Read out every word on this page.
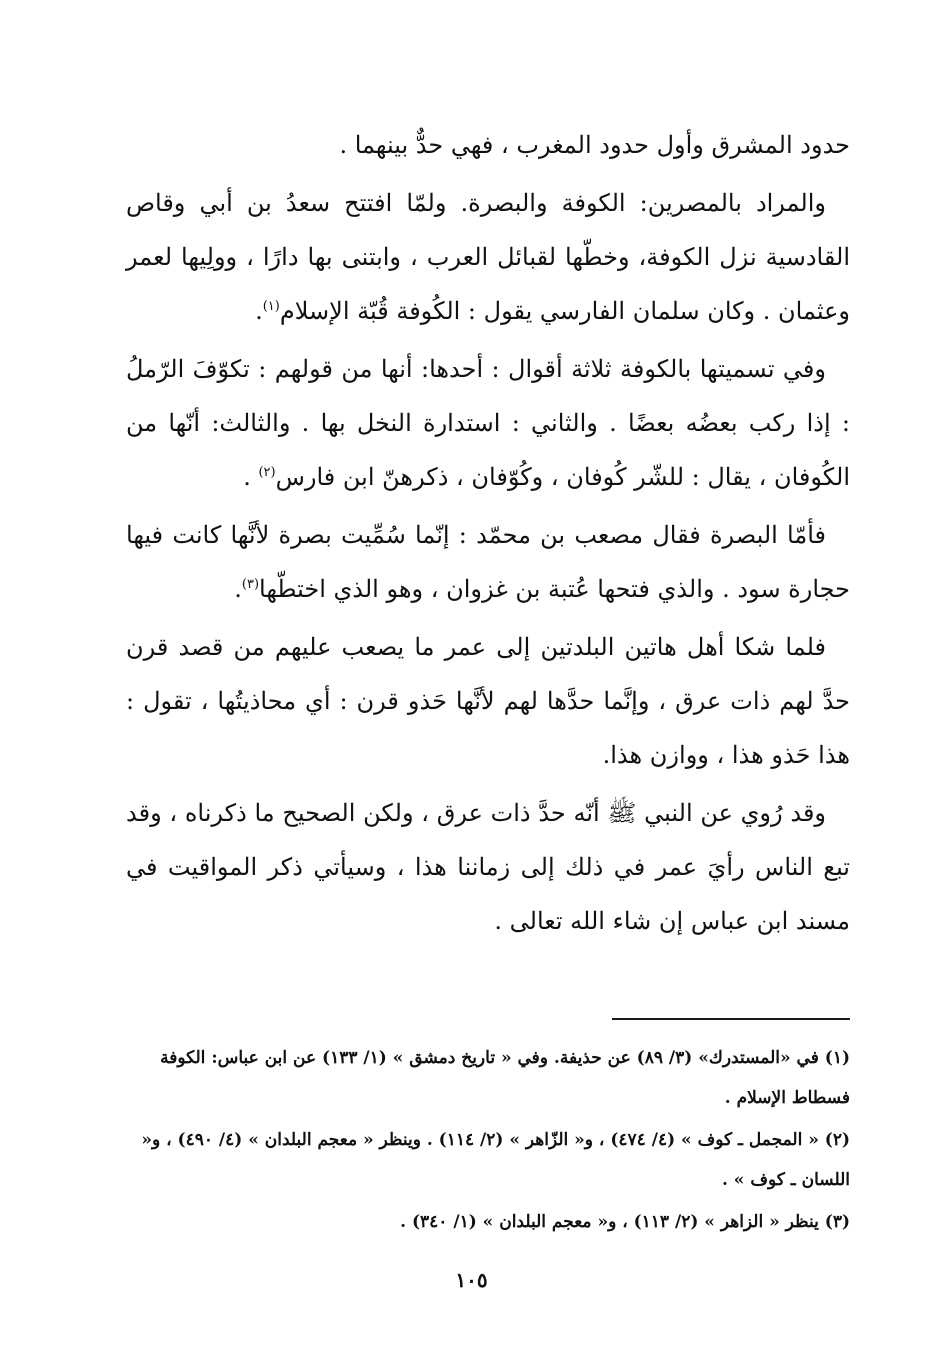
حدود المشرق وأول حدود المغرب ، فهي حدٌّ بينهما .

والمراد بالمصرين: الكوفة والبصرة. ولمّا افتتح سعدُ بن أبي وقاص القادسية نزل الكوفة، وخطّها لقبائل العرب ، وابتنى بها دارًا ، وولِيها لعمر وعثمان . وكان سلمان الفارسي يقول : الكُوفة قُبّة الإسلام$^{(١)}$.

وفي تسميتها بالكوفة ثلاثة أقوال : أحدها: أنها من قولهم : تكوّفَ الرّملُ : إذا ركب بعضُه بعضًا . والثاني : استدارة النخل بها . والثالث: أنّها من الكُوفان ، يقال : للشّر كُوفان ، وكُوّفان ، ذكرهنّ ابن فارس$^{(٢)}$ .

فأمّا البصرة فقال مصعب بن محمّد : إنّما سُمِّيت بصرة لأنَّها كانت فيها حجارة سود . والذي فتحها عُتبة بن غزوان ، وهو الذي اختطّها$^{(٣)}$.

فلما شكا أهل هاتين البلدتين إلى عمر ما يصعب عليهم من قصد قرن حدَّ لهم ذات عرق ، وإنَّما حدَّها لهم لأنَّها حَذو قرن : أي محاذيتُها ، تقول : هذا حَذو هذا ، ووازن هذا.

وقد رُوي عن النبي ﷺ أنّه حدَّ ذات عرق ، ولكن الصحيح ما ذكرناه ، وقد تبع الناس رأيَ عمر في ذلك إلى زماننا هذا ، وسيأتي ذكر المواقيت في مسند ابن عباس إن شاء الله تعالى .

(١) في «المستدرك» (٣/ ٨٩) عن حذيفة. وفي « تاريخ دمشق » (١/ ١٣٣) عن ابن عباس: الكوفة فسطاط الإسلام .

(٢) « المجمل ـ كوف » (٤/ ٤٧٤) ، و« الزّاهر » (٢/ ١١٤) . وينظر « معجم البلدان » (٤/ ٤٩٠) ، و« اللسان ـ كوف » .

(٣) ينظر « الزاهر » (٢/ ١١٣) ، و« معجم البلدان » (١/ ٣٤٠) .

١٠٥
